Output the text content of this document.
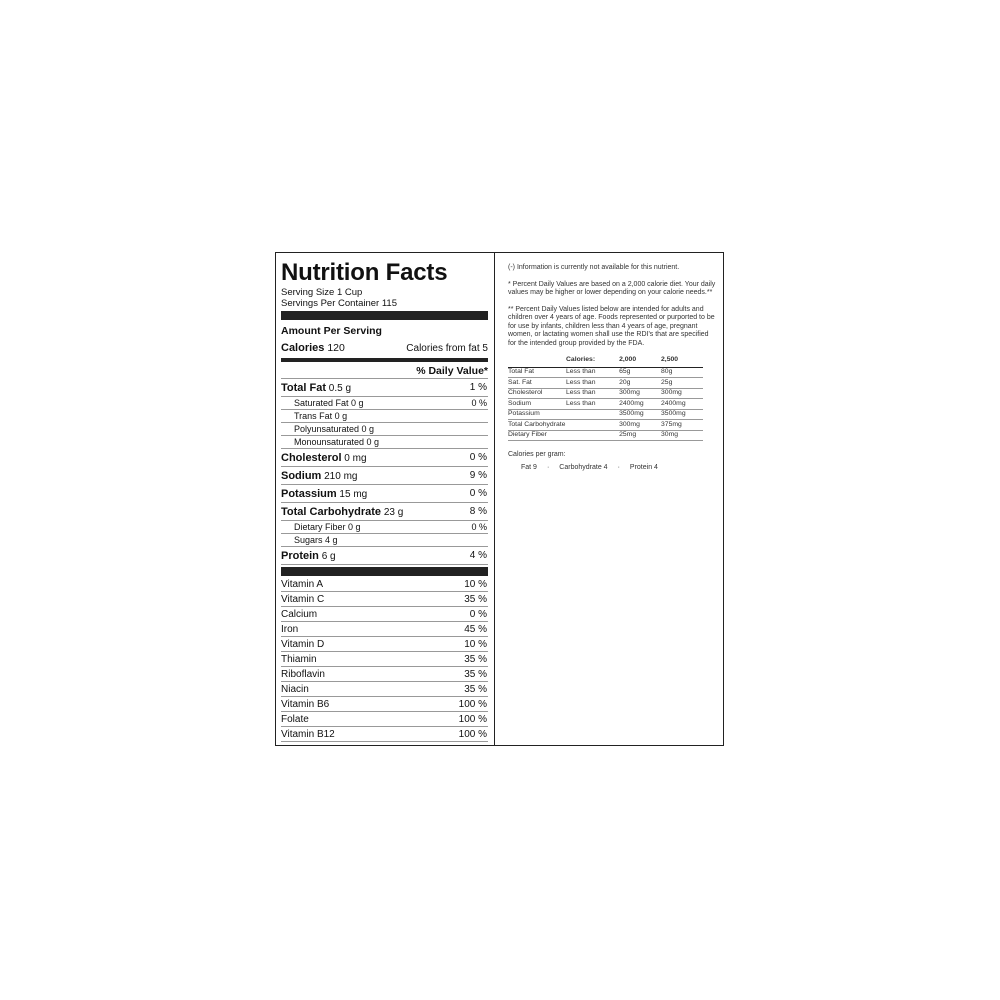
Nutrition Facts
Serving Size 1 Cup
Servings Per Container 115
Amount Per Serving
Calories 120	Calories from fat 5
% Daily Value*
Total Fat 0.5 g	1 %
Saturated Fat 0 g	0 %
Trans Fat 0 g
Polyunsaturated 0 g
Monounsaturated 0 g
Cholesterol 0 mg	0 %
Sodium 210 mg	9 %
Potassium 15 mg	0 %
Total Carbohydrate 23 g	8 %
Dietary Fiber 0 g	0 %
Sugars 4 g
Protein 6 g	4 %
Vitamin A	10 %
Vitamin C	35 %
Calcium	0 %
Iron	45 %
Vitamin D	10 %
Thiamin	35 %
Riboflavin	35 %
Niacin	35 %
Vitamin B6	100 %
Folate	100 %
Vitamin B12	100 %

(-) Information is currently not available for this nutrient.

* Percent Daily Values are based on a 2,000 calorie diet. Your daily values may be higher or lower depending on your calorie needs.**

** Percent Daily Values listed below are intended for adults and children over 4 years of age. Foods represented or purported to be for use by infants, children less than 4 years of age, pregnant women, or lactating women shall use the RDI's that are specified for the intended group provided by the FDA.

	Calories:	2,000	2,500
Total Fat	Less than	65g	80g
Sat. Fat	Less than	20g	25g
Cholesterol	Less than	300mg	300mg
Sodium	Less than	2400mg	2400mg
Potassium		3500mg	3500mg
Total Carbohydrate		300mg	375mg
Dietary Fiber		25mg	30mg
Calories per gram:
Fat 9 · Carbohydrate 4 · Protein 4
